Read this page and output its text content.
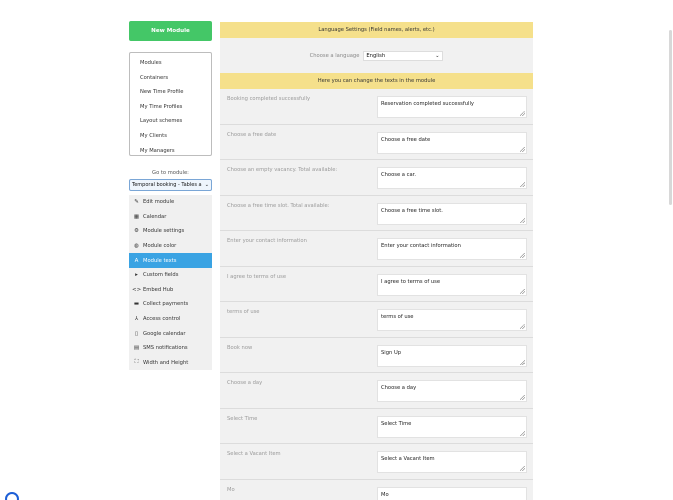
New Module
Modules
Containers
New Time Profile
My Time Profiles
Layout schemes
My Clients
My Managers
Go to module:
Temporal booking - Tables a ⌄
✎ Edit module
▦ Calendar
⚙ Module settings
◍ Module color
A Module texts
▸ Custom fields
<> Embed Hub
▬ Collect payments
⅄ Access control
▯ Google calendar
▤ SMS notifications
⛶ Width and Height
Language Settings (Field names, alerts, etc.)
Choose a language	English	⌄
Here you can change the texts in the module
Booking completed successfully
Reservation completed successfully
Choose a free date
Choose a free date
Choose an empty vacancy. Total available:
Choose a car.
Choose a free time slot. Total available:
Choose a free time slot.
Enter your contact information
Enter your contact information
I agree to terms of use
I agree to terms of use
terms of use
terms of use
Book now
Sign Up
Choose a day
Choose a day
Select Time
Select Time
Select a Vacant Item
Select a Vacant Item
Mo
Mo
